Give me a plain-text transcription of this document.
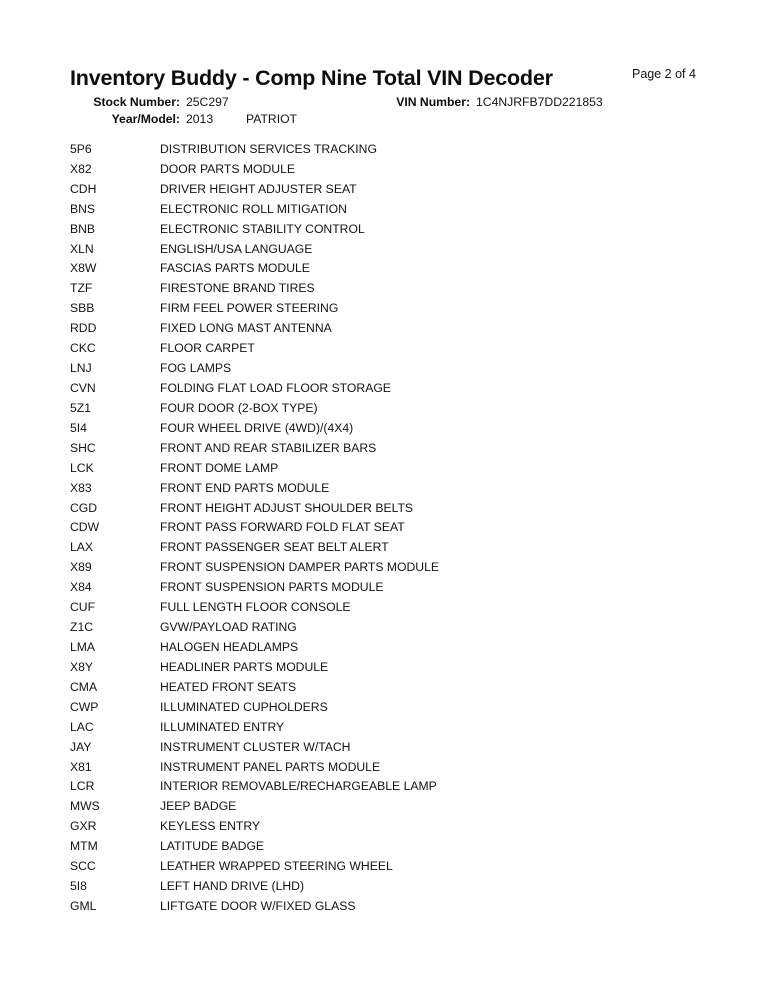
Inventory Buddy - Comp Nine Total VIN Decoder	Page 2 of 4
Stock Number: 25C297	VIN Number: 1C4NJRFB7DD221853
Year/Model: 2013	PATRIOT
5P6	DISTRIBUTION SERVICES TRACKING
X82	DOOR PARTS MODULE
CDH	DRIVER HEIGHT ADJUSTER SEAT
BNS	ELECTRONIC ROLL MITIGATION
BNB	ELECTRONIC STABILITY CONTROL
XLN	ENGLISH/USA LANGUAGE
X8W	FASCIAS PARTS MODULE
TZF	FIRESTONE BRAND TIRES
SBB	FIRM FEEL POWER STEERING
RDD	FIXED LONG MAST ANTENNA
CKC	FLOOR CARPET
LNJ	FOG LAMPS
CVN	FOLDING FLAT LOAD FLOOR STORAGE
5Z1	FOUR DOOR (2-BOX TYPE)
5I4	FOUR WHEEL DRIVE (4WD)/(4X4)
SHC	FRONT AND REAR STABILIZER BARS
LCK	FRONT DOME LAMP
X83	FRONT END PARTS MODULE
CGD	FRONT HEIGHT ADJUST SHOULDER BELTS
CDW	FRONT PASS FORWARD FOLD FLAT SEAT
LAX	FRONT PASSENGER SEAT BELT ALERT
X89	FRONT SUSPENSION DAMPER PARTS MODULE
X84	FRONT SUSPENSION PARTS MODULE
CUF	FULL LENGTH FLOOR CONSOLE
Z1C	GVW/PAYLOAD RATING
LMA	HALOGEN HEADLAMPS
X8Y	HEADLINER PARTS MODULE
CMA	HEATED FRONT SEATS
CWP	ILLUMINATED CUPHOLDERS
LAC	ILLUMINATED ENTRY
JAY	INSTRUMENT CLUSTER W/TACH
X81	INSTRUMENT PANEL PARTS MODULE
LCR	INTERIOR REMOVABLE/RECHARGEABLE LAMP
MWS	JEEP BADGE
GXR	KEYLESS ENTRY
MTM	LATITUDE BADGE
SCC	LEATHER WRAPPED STEERING WHEEL
5I8	LEFT HAND DRIVE (LHD)
GML	LIFTGATE DOOR W/FIXED GLASS
